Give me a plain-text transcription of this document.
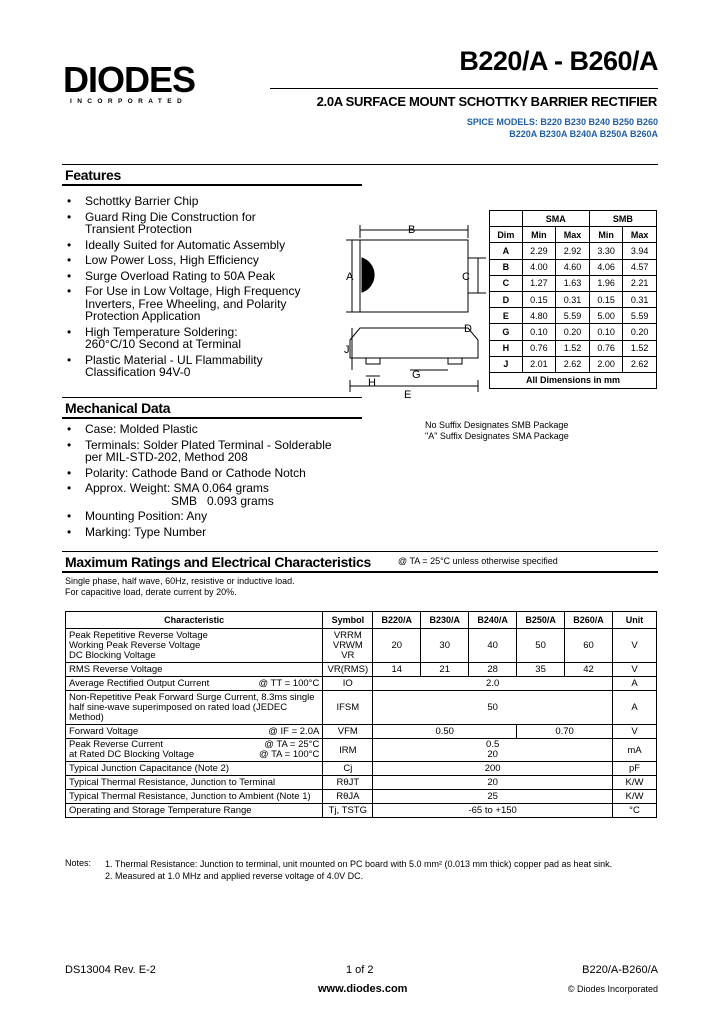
DIODES
INCORPORATED
B220/A - B260/A
2.0A SURFACE MOUNT SCHOTTKY BARRIER RECTIFIER
SPICE MODELS: B220 B230 B240 B250 B260
B220A B230A B240A B250A B260A
Features
• Schottky Barrier Chip
• Guard Ring Die Construction for Transient Protection
• Ideally Suited for Automatic Assembly
• Low Power Loss, High Efficiency
• Surge Overload Rating to 50A Peak
• For Use in Low Voltage, High Frequency Inverters, Free Wheeling, and Polarity Protection Application
• High Temperature Soldering: 260°C/10 Second at Terminal
• Plastic Material - UL Flammability Classification 94V-0
B
A	C
D
J
G
H
E
	SMA		SMB	
Dim	Min	Max	Min	Max
A	2.29	2.92	3.30	3.94
B	4.00	4.60	4.06	4.57
C	1.27	1.63	1.96	2.21
D	0.15	0.31	0.15	0.31
E	4.80	5.59	5.00	5.59
G	0.10	0.20	0.10	0.20
H	0.76	1.52	0.76	1.52
J	2.01	2.62	2.00	2.62
All Dimensions in mm				
No Suffix Designates SMB Package
"A" Suffix Designates SMA Package
Mechanical Data
• Case: Molded Plastic
• Terminals: Solder Plated Terminal - Solderable per MIL-STD-202, Method 208
• Polarity: Cathode Band or Cathode Notch
• Approx. Weight: SMA 0.064 grams
SMB   0.093 grams
• Mounting Position: Any
• Marking: Type Number
Maximum Ratings and Electrical Characteristics	@ TA = 25°C unless otherwise specified
Single phase, half wave, 60Hz, resistive or inductive load.
For capacitive load, derate current by 20%.
Characteristic		Symbol	B220/A	B230/A	B240/A	B250/A	B260/A	Unit
Peak Repetitive Reverse Voltage
Working Peak Reverse Voltage
DC Blocking Voltage		VRRM
VRWM
VR	20	30	40	50	60	V
RMS Reverse Voltage		VR(RMS)	14	21	28	35	42	V
Average Rectified Output Current	@ TT = 100°C	IO	2.0					A
Non-Repetitive Peak Forward Surge Current, 8.3ms single half sine-wave superimposed on rated load (JEDEC Method)		IFSM	50					A
Forward Voltage	@ IF = 2.0A	VFM	0.50			0.70		V
Peak Reverse Current
at Rated DC Blocking Voltage	@ TA = 25°C
@ TA = 100°C	IRM	0.5
20					mA
Typical Junction Capacitance (Note 2)		Cj	200					pF
Typical Thermal Resistance, Junction to Terminal		RθJT	20					K/W
Typical Thermal Resistance, Junction to Ambient (Note 1)		RθJA	25					K/W
Operating and Storage Temperature Range		Tj, TSTG	-65 to +150					°C
Notes: 1. Thermal Resistance: Junction to terminal, unit mounted on PC board with 5.0 mm² (0.013 mm thick) copper pad as heat sink.
2. Measured at 1.0 MHz and applied reverse voltage of 4.0V DC.
DS13004 Rev. E-2	1 of 2
www.diodes.com
B220/A-B260/A
© Diodes Incorporated
